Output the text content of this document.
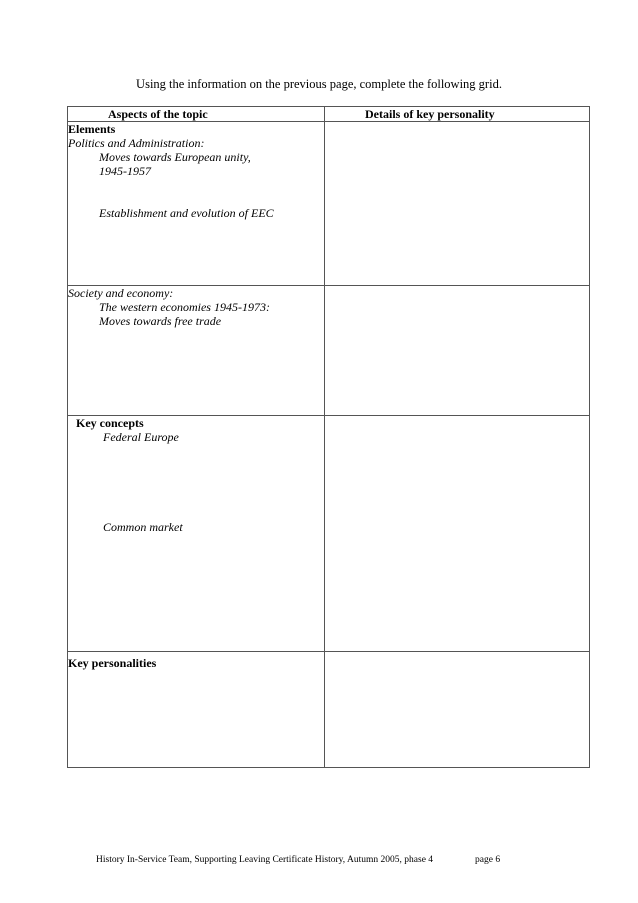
Using the information on the previous page, complete the following grid.
Aspects of the topic	Details of key personality

Elements
Politics and Administration:
Moves towards European unity, 1945-1957
Establishment and evolution of EEC	

Society and economy:
The western economies 1945-1973:
Moves towards free trade	

Key concepts
Federal Europe
Common market	

Key personalities	

History In-Service Team, Supporting Leaving Certificate History, Autumn 2005, phase 4	page 6
